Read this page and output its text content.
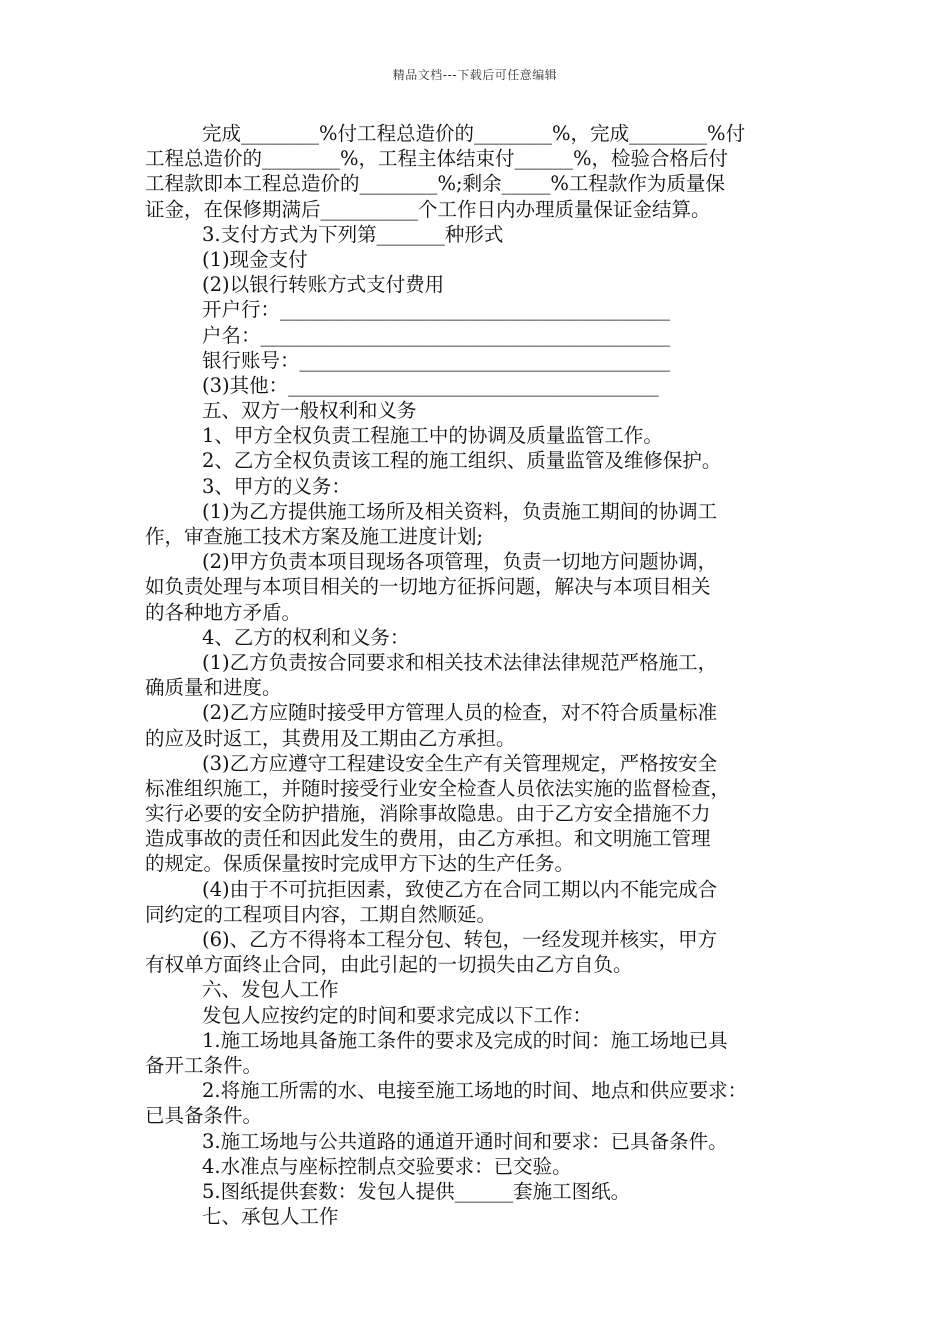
精品文档---下载后可任意编辑
完成________%付工程总造价的________%，完成________%付
工程总造价的________%，工程主体结束付______%，检验合格后付
工程款即本工程总造价的________%;剩余_____%工程款作为质量保
证金，在保修期满后__________个工作日内办理质量保证金结算。
3.支付方式为下列第_______种形式
(1)现金支付
(2)以银行转账方式支付费用
开户行：________________________________________
户名：__________________________________________
银行账号：______________________________________
(3)其他：______________________________________
五、双方一般权利和义务
1、甲方全权负责工程施工中的协调及质量监管工作。
2、乙方全权负责该工程的施工组织、质量监管及维修保护。
3、甲方的义务：
(1)为乙方提供施工场所及相关资料，负责施工期间的协调工
作，审查施工技术方案及施工进度计划;
(2)甲方负责本项目现场各项管理，负责一切地方问题协调，
如负责处理与本项目相关的一切地方征拆问题，解决与本项目相关
的各种地方矛盾。
4、乙方的权利和义务：
(1)乙方负责按合同要求和相关技术法律法律规范严格施工，
确质量和进度。
(2)乙方应随时接受甲方管理人员的检查，对不符合质量标准
的应及时返工，其费用及工期由乙方承担。
(3)乙方应遵守工程建设安全生产有关管理规定，严格按安全
标准组织施工，并随时接受行业安全检查人员依法实施的监督检查，
实行必要的安全防护措施，消除事故隐患。由于乙方安全措施不力
造成事故的责任和因此发生的费用，由乙方承担。和文明施工管理
的规定。保质保量按时完成甲方下达的生产任务。
(4)由于不可抗拒因素，致使乙方在合同工期以内不能完成合
同约定的工程项目内容，工期自然顺延。
(6)、乙方不得将本工程分包、转包，一经发现并核实，甲方
有权单方面终止合同，由此引起的一切损失由乙方自负。
六、发包人工作
发包人应按约定的时间和要求完成以下工作：
1.施工场地具备施工条件的要求及完成的时间：施工场地已具
备开工条件。
2.将施工所需的水、电接至施工场地的时间、地点和供应要求：
已具备条件。
3.施工场地与公共道路的通道开通时间和要求：已具备条件。
4.水准点与座标控制点交验要求：已交验。
5.图纸提供套数：发包人提供______套施工图纸。
七、承包人工作
